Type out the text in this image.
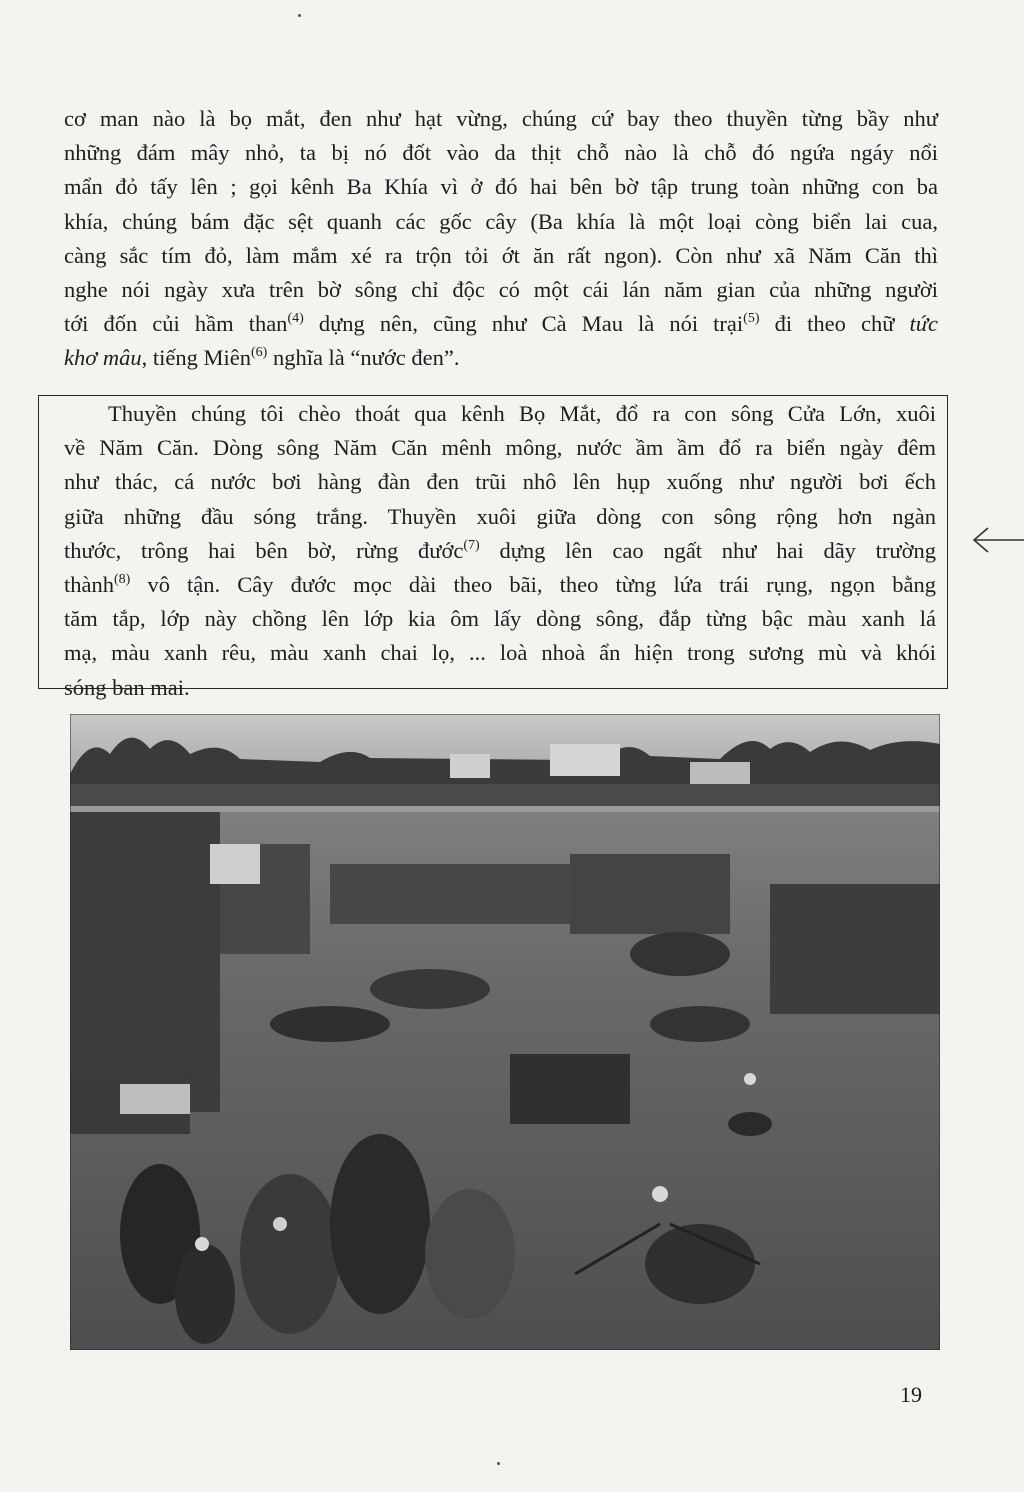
cơ man nào là bọ mắt, đen như hạt vừng, chúng cứ bay theo thuyền từng bầy như
những đám mây nhỏ, ta bị nó đốt vào da thịt chỗ nào là chỗ đó ngứa ngáy nổi
mẩn đỏ tấy lên ; gọi kênh Ba Khía vì ở đó hai bên bờ tập trung toàn những con ba
khía, chúng bám đặc sệt quanh các gốc cây (Ba khía là một loại còng biển lai cua,
càng sắc tím đỏ, làm mắm xé ra trộn tỏi ớt ăn rất ngon). Còn như xã Năm Căn thì
nghe nói ngày xưa trên bờ sông chỉ độc có một cái lán năm gian của những người
tới đốn củi hầm than$^{(4)}$ dựng nên, cũng như Cà Mau là nói trại$^{(5)}$ đi theo chữ tức
khơ mâu, tiếng Miên$^{(6)}$ nghĩa là “nước đen”.
Thuyền chúng tôi chèo thoát qua kênh Bọ Mắt, đổ ra con sông Cửa Lớn, xuôi
về Năm Căn. Dòng sông Năm Căn mênh mông, nước ầm ầm đổ ra biển ngày đêm
như thác, cá nước bơi hàng đàn đen trũi nhô lên hụp xuống như người bơi ếch
giữa những đầu sóng trắng. Thuyền xuôi giữa dòng con sông rộng hơn ngàn
thước, trông hai bên bờ, rừng đước$^{(7)}$ dựng lên cao ngất như hai dãy trường
thành$^{(8)}$ vô tận. Cây đước mọc dài theo bãi, theo từng lứa trái rụng, ngọn bằng
tăm tắp, lớp này chồng lên lớp kia ôm lấy dòng sông, đắp từng bậc màu xanh lá
mạ, màu xanh rêu, màu xanh chai lọ, ... loà nhoà ẩn hiện trong sương mù và khói
sóng ban mai.
19
